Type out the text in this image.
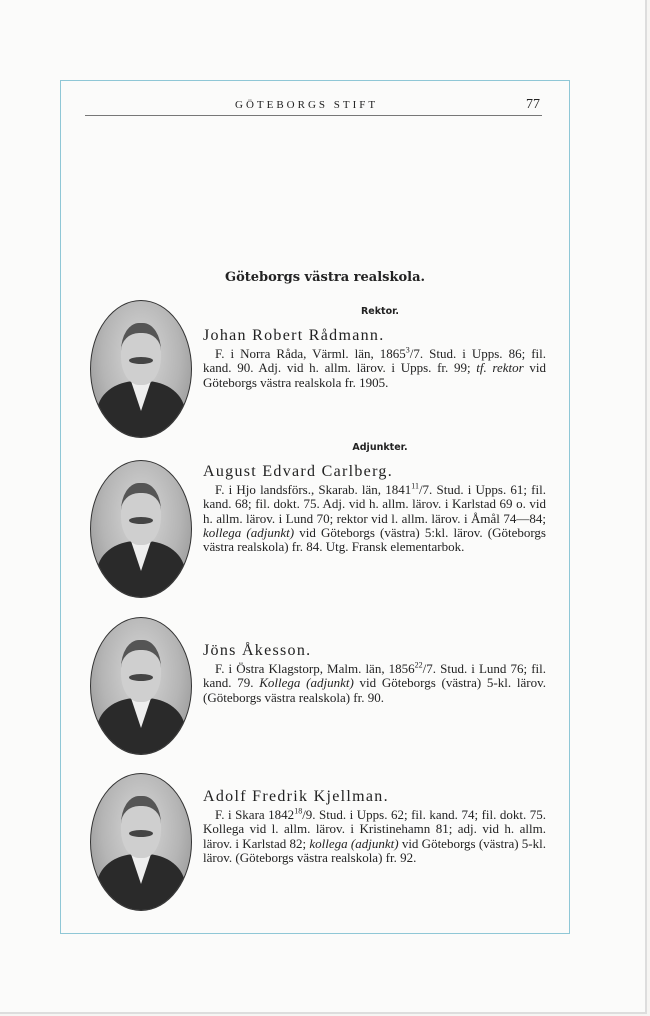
GÖTEBORGS STIFT	77
Göteborgs västra realskola.
Rektor.
Adjunkter.
Johan Robert Rådmann.
F. i Norra Råda, Värml. län, 1865$^3$/7. Stud. i Upps. 86; fil. kand. 90. Adj. vid h. allm. lärov. i Upps. fr. 99; tf. rektor vid Göteborgs västra realskola fr. 1905.
August Edvard Carlberg.
F. i Hjo landsförs., Skarab. län, 1841$^{11}$/7. Stud. i Upps. 61; fil. kand. 68; fil. dokt. 75. Adj. vid h. allm. lärov. i Karlstad 69 o. vid h. allm. lärov. i Lund 70; rektor vid l. allm. lärov. i Åmål 74—84; kollega (adjunkt) vid Göteborgs (västra) 5:kl. lärov. (Göteborgs västra realskola) fr. 84. Utg. Fransk elementarbok.
Jöns Åkesson.
F. i Östra Klagstorp, Malm. län, 1856$^{22}$/7. Stud. i Lund 76; fil. kand. 79. Kollega (adjunkt) vid Göteborgs (västra) 5-kl. lärov. (Göteborgs västra realskola) fr. 90.
Adolf Fredrik Kjellman.
F. i Skara 1842$^{18}$/9. Stud. i Upps. 62; fil. kand. 74; fil. dokt. 75. Kollega vid l. allm. lärov. i Kristinehamn 81; adj. vid h. allm. lärov. i Karlstad 82; kollega (adjunkt) vid Göteborgs (västra) 5-kl. lärov. (Göteborgs västra realskola) fr. 92.
